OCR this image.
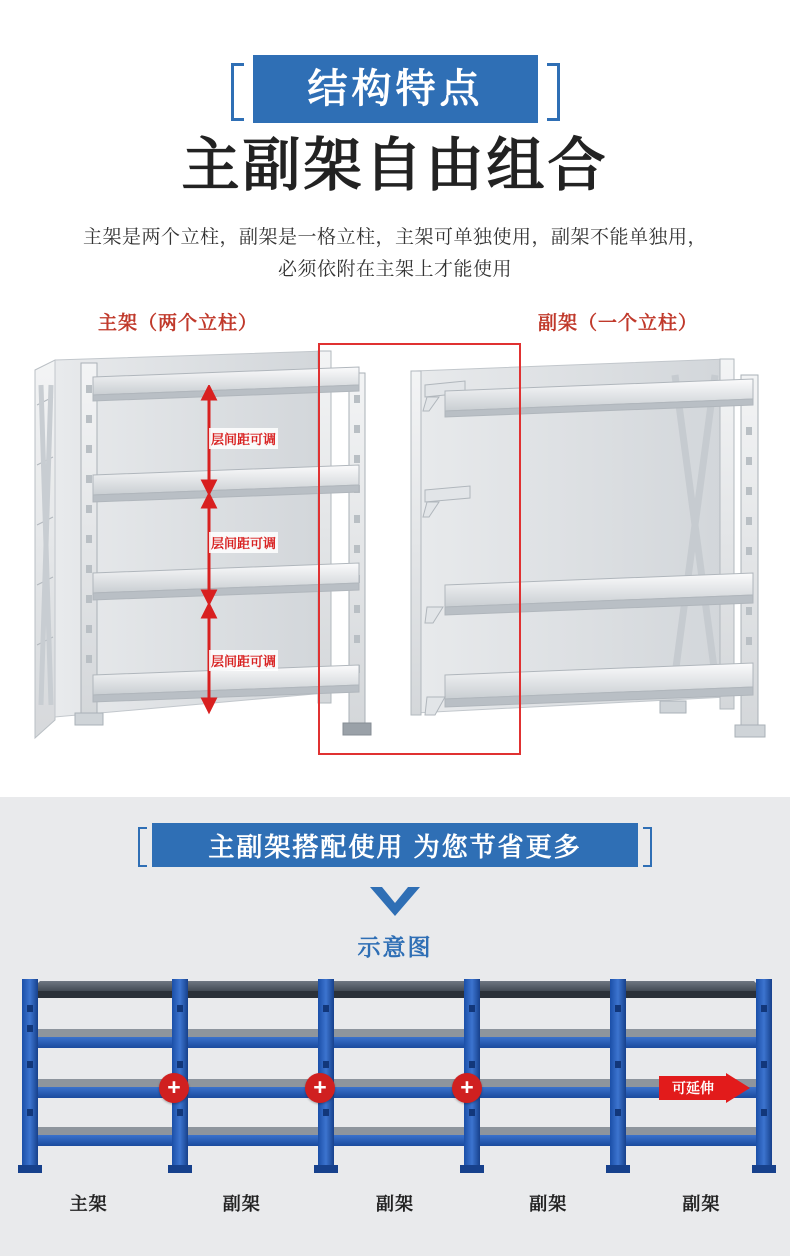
结构特点
主副架自由组合
主架是两个立柱，副架是一格立柱，主架可单独使用，副架不能单独用，
必须依附在主架上才能使用
主架（两个立柱）	副架（一个立柱）
层间距可调
层间距可调
层间距可调
主副架搭配使用 为您节省更多
示意图
+	+	+	可延伸
主架	副架	副架	副架	副架
